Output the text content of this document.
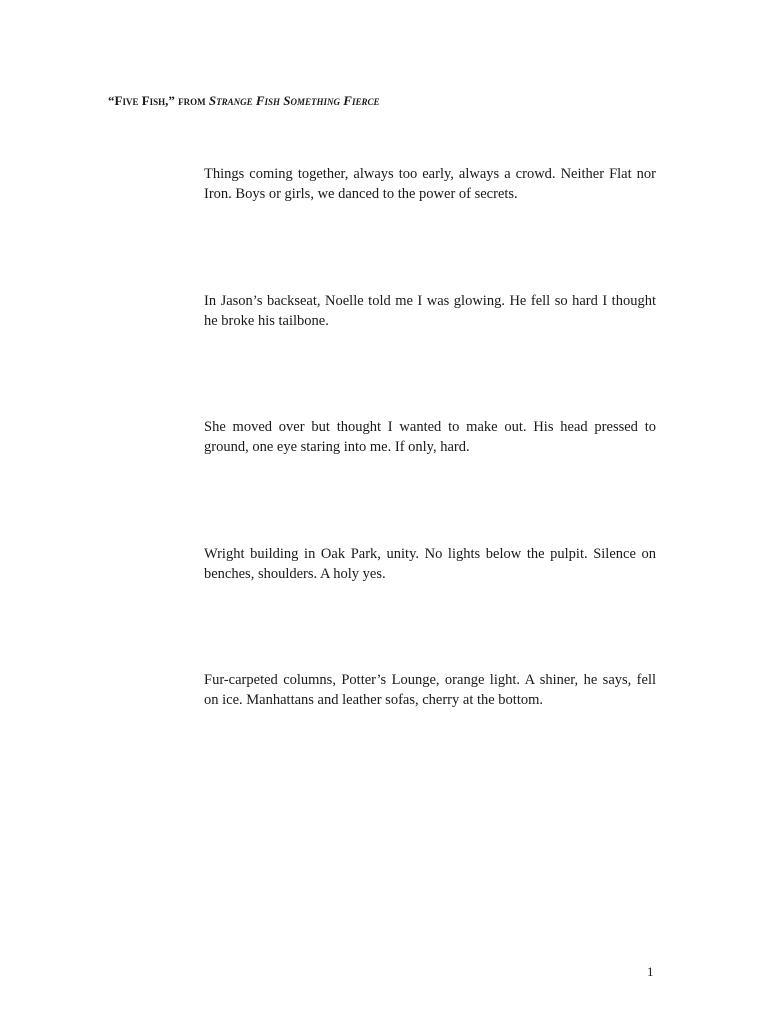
“Five Fish,” from Strange Fish Something Fierce

Things coming together, always too early, always a crowd. Neither Flat nor
Iron. Boys or girls, we danced to the power of secrets.

In Jason’s backseat, Noelle told me I was glowing. He fell so hard I thought
he broke his tailbone.

She moved over but thought I wanted to make out. His head pressed to
ground, one eye staring into me. If only, hard.

Wright building in Oak Park, unity. No lights below the pulpit. Silence on
benches, shoulders. A holy yes.

Fur-carpeted columns, Potter’s Lounge, orange light. A shiner, he says, fell
on ice. Manhattans and leather sofas, cherry at the bottom.

1
